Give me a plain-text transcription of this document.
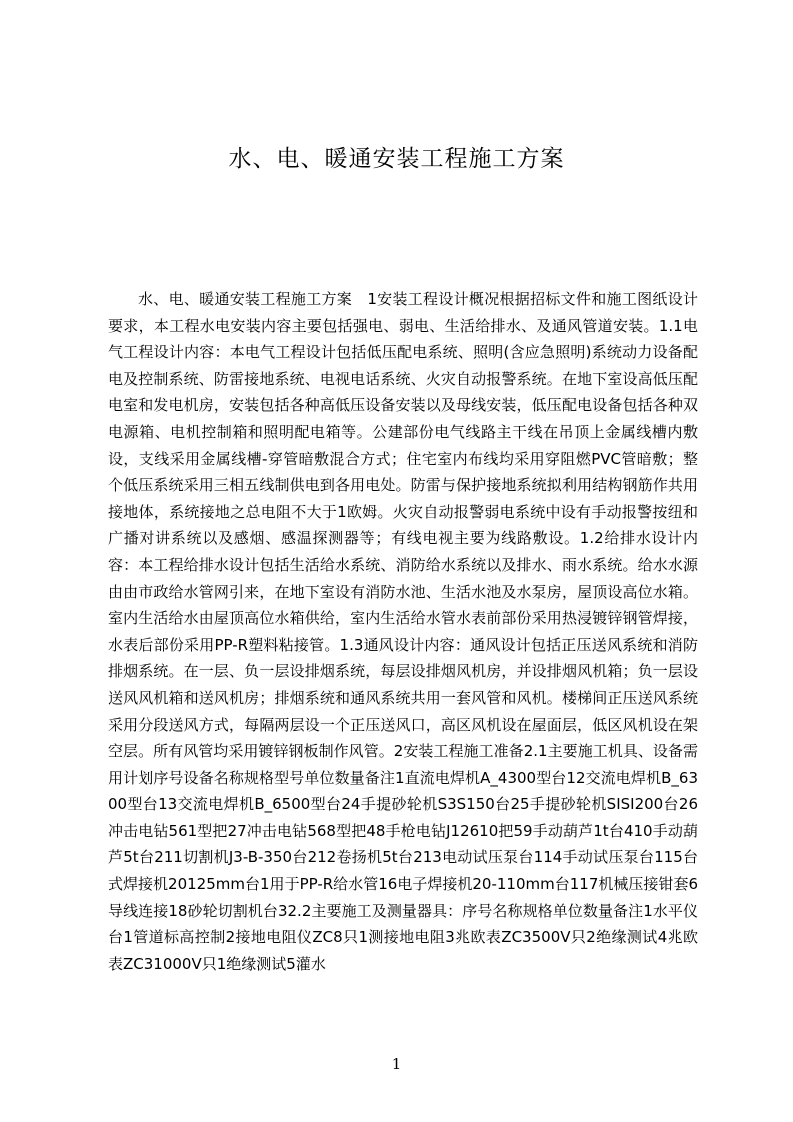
水、电、暖通安装工程施工方案

水、电、暖通安装工程施工方案　1安装工程设计概况根据招标文件和施工图纸设计要求，本工程水电安装内容主要包括强电、弱电、生活给排水、及通风管道安装。1.1电气工程设计内容：本电气工程设计包括低压配电系统、照明(含应急照明)系统动力设备配电及控制系统、防雷接地系统、电视电话系统、火灾自动报警系统。在地下室设高低压配电室和发电机房，安装包括各种高低压设备安装以及母线安装，低压配电设备包括各种双电源箱、电机控制箱和照明配电箱等。公建部份电气线路主干线在吊顶上金属线槽内敷设，支线采用金属线槽-穿管暗敷混合方式；住宅室内布线均采用穿阻燃PVC管暗敷；整个低压系统采用三相五线制供电到各用电处。防雷与保护接地系统拟利用结构钢筋作共用接地体，系统接地之总电阻不大于1欧姆。火灾自动报警弱电系统中设有手动报警按纽和广播对讲系统以及感烟、感温探测器等；有线电视主要为线路敷设。1.2给排水设计内容：本工程给排水设计包括生活给水系统、消防给水系统以及排水、雨水系统。给水水源由由市政给水管网引来，在地下室设有消防水池、生活水池及水泵房，屋顶设高位水箱。室内生活给水由屋顶高位水箱供给，室内生活给水管水表前部份采用热浸镀锌钢管焊接，水表后部份采用PP-R塑料粘接管。1.3通风设计内容：通风设计包括正压送风系统和消防排烟系统。在一层、负一层设排烟系统，每层设排烟风机房，并设排烟风机箱；负一层设送风风机箱和送风机房；排烟系统和通风系统共用一套风管和风机。楼梯间正压送风系统采用分段送风方式，每隔两层设一个正压送风口，高区风机设在屋面层，低区风机设在架空层。所有风管均采用镀锌钢板制作风管。2安装工程施工准备2.1主要施工机具、设备需用计划序号设备名称规格型号单位数量备注1直流电焊机A_4300型台12交流电焊机B_6300型台13交流电焊机B_6500型台24手提砂轮机S3S150台25手提砂轮机SISI200台26冲击电钻561型把27冲击电钻568型把48手枪电钻J12610把59手动葫芦1t台410手动葫芦5t台211切割机J3-B-350台212卷扬机5t台213电动试压泵台114手动试压泵台115台式焊接机20125mm台1用于PP-R给水管16电子焊接机20-110mm台117机械压接钳套6导线连接18砂轮切割机台32.2主要施工及测量器具：序号名称规格单位数量备注1水平仪台1管道标高控制2接地电阻仪ZC8只1测接地电阻3兆欧表ZC3500V只2绝缘测试4兆欧表ZC31000V只1绝缘测试5灌水

1
